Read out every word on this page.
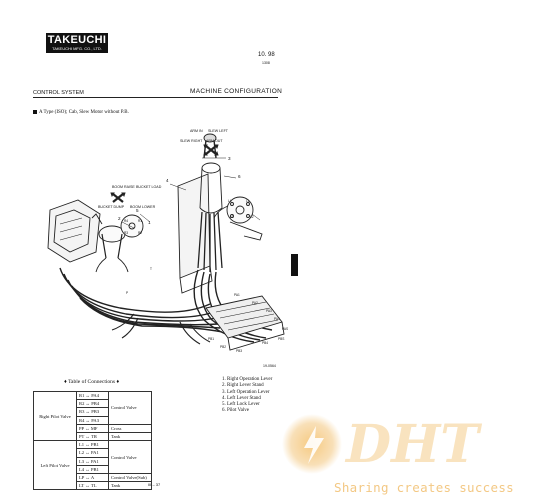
TAKEUCHI
TAKEUCHI MFG. CO., LTD.
10. 98
1308
CONTROL SYSTEM	MACHINE CONFIGURATION
A Type (ISO); Cab, Slew Motor without P.B.
ARM IN SLEW LEFT
SLEW RIGHT ARM OUT
BOOM RAISE BUCKET LOAD
BUCKET DUMP BOOM LOWER
1
2
3
4
5
6
PA1
PA2
PA3
PA4
PB1
PB2
PB3
PB4
PAS
PBS
P
T
L1
L2
L3
L4
R1
R2
R3
R4
19-0564
♦ Table of Connections ♦
Right Pilot Valve	R1 ↔ PA4	Control Valve
	R2 ↔ PB4	
	R3 ↔ PB3	
	R4 ↔ PA3	
	PP ↔ MF	Cross
	PT ↔ TR	Tank
Left Pilot Valve	L1 ↔ PB1	Control Valve
	L2 ↔ PA1	
	L3 ↔ PA1	
	L4 ↔ PB1	
	LP ↔ A	Control Valve(Sub)
	LT ↔ TL	Tank
1. Right Operation Lever
2. Right Lever Stand
3. Left Operation Lever
4. Left Lever Stand
5. Left Lock Lever
6. Pilot Valve
III – 37
DHT
Sharing creates success
